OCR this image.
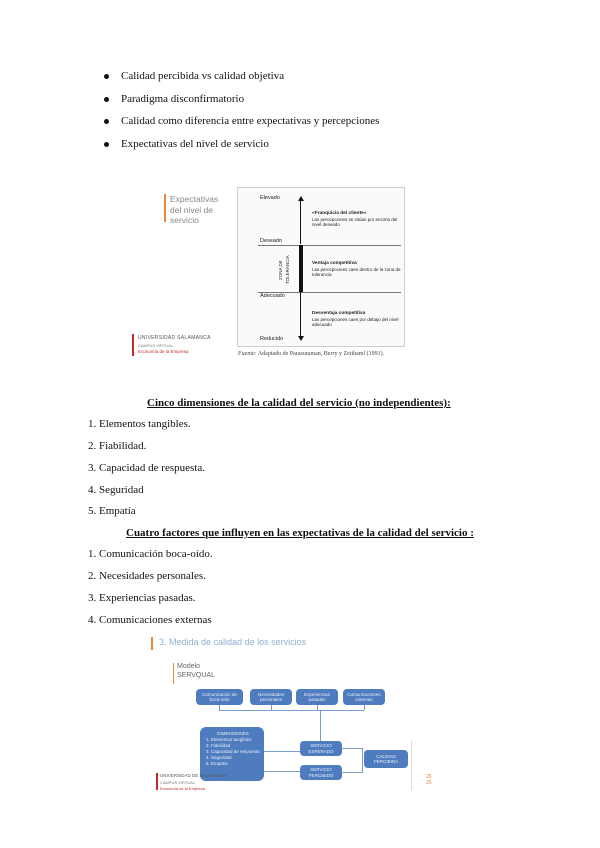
Calidad percibida vs calidad objetiva
Paradigma disconfirmatorio
Calidad como diferencia entre expectativas y percepciones
Expectativas del nivel de servicio
Expectativas
del nivel de
servicio
UNIVERSIDAD SALAMANCA
CAMPUS VIRTUAL
Economía de la Empresa
Elevado
Deseado
Adecuado
Reducido
ZONA DE TOLERANCIA
«Franquicia del cliente»
Las percepciones se sitúan por encima del nivel deseado
Ventaja competitiva
Las percepciones caen dentro de la zona de tolerancia
Desventaja competitiva
Las percepciones caen por debajo del nivel adecuado
Fuente: Adaptado de Parasuraman, Berry y Zeithaml (1991).
Cinco dimensiones de la calidad del servicio (no independientes):
1. Elementos tangibles.
2. Fiabilidad.
3. Capacidad de respuesta.
4. Seguridad
5. Empatía
Cuatro factores que influyen en las expectativas de la calidad del servicio :
1. Comunicación boca-oído.
2. Necesidades personales.
3. Experiencias pasadas.
4. Comunicaciones externas
3. Medida de calidad de los servicios
Modelo
SERVQUAL
Comunicación de boca-oído
Necesidades personales
Experiencias pasadas
Comunicaciones externas
DIMENSIONES
1. Elementos tangibles
2. Fiabilidad
3. Capacidad de respuesta
4. Seguridad
5. Empatía
SERVICIO ESPERADO
SERVICIO PERCIBIDO
CALIDAD PERCIBIDA
UNIVERSIDAD DE SALAMANCA
CAMPUS VIRTUAL
Economía de la Empresa
26
26
